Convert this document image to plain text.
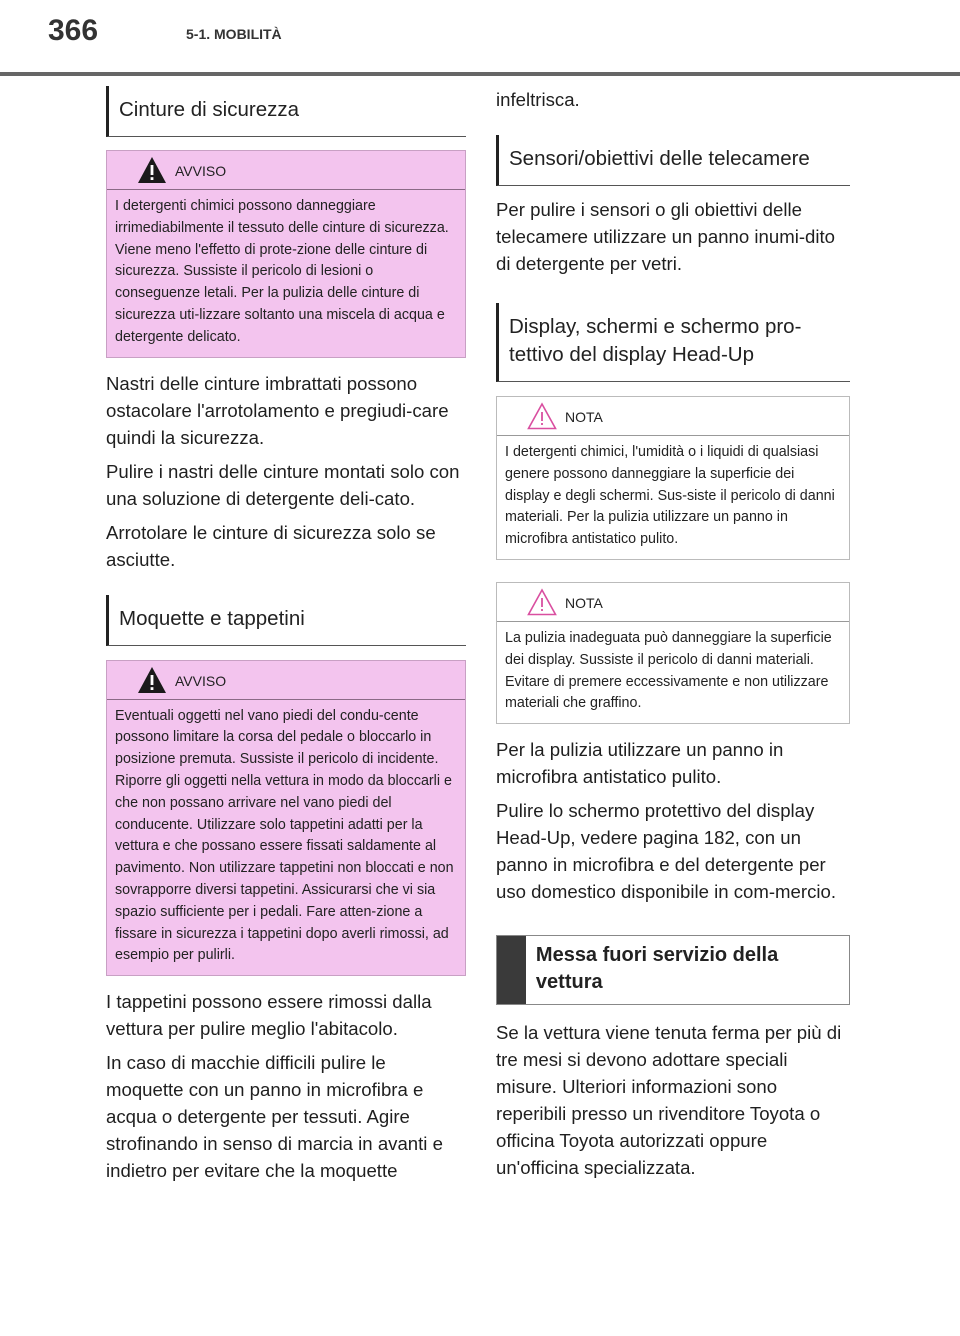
366	5-1. MOBILITÀ
Cinture di sicurezza
AVVISO
I detergenti chimici possono danneggiare irrimediabilmente il tessuto delle cinture di sicurezza. Viene meno l'effetto di prote-zione delle cinture di sicurezza. Sussiste il pericolo di lesioni o conseguenze letali. Per la pulizia delle cinture di sicurezza uti-lizzare soltanto una miscela di acqua e detergente delicato.

Nastri delle cinture imbrattati possono ostacolare l'arrotolamento e pregiudi-care quindi la sicurezza.

Pulire i nastri delle cinture montati solo con una soluzione di detergente deli-cato.

Arrotolare le cinture di sicurezza solo se asciutte.

Moquette e tappetini
AVVISO
Eventuali oggetti nel vano piedi del condu-cente possono limitare la corsa del pedale o bloccarlo in posizione premuta. Sussiste il pericolo di incidente. Riporre gli oggetti nella vettura in modo da bloccarli e che non possano arrivare nel vano piedi del conducente. Utilizzare solo tappetini adatti per la vettura e che possano essere fissati saldamente al pavimento. Non utilizzare tappetini non bloccati e non sovrapporre diversi tappetini. Assicurarsi che vi sia spazio sufficiente per i pedali. Fare atten-zione a fissare in sicurezza i tappetini dopo averli rimossi, ad esempio per pulirli.

I tappetini possono essere rimossi dalla vettura per pulire meglio l'abitacolo.

In caso di macchie difficili pulire le moquette con un panno in microfibra e acqua o detergente per tessuti. Agire strofinando in senso di marcia in avanti e indietro per evitare che la moquette

infeltrisca.

Sensori/obiettivi delle telecamere

Per pulire i sensori o gli obiettivi delle telecamere utilizzare un panno inumi-dito di detergente per vetri.

Display, schermi e schermo pro-tettivo del display Head-Up
NOTA
I detergenti chimici, l'umidità o i liquidi di qualsiasi genere possono danneggiare la superficie dei display e degli schermi. Sus-siste il pericolo di danni materiali. Per la pulizia utilizzare un panno in microfibra antistatico pulito.
NOTA
La pulizia inadeguata può danneggiare la superficie dei display. Sussiste il pericolo di danni materiali. Evitare di premere eccessivamente e non utilizzare materiali che graffino.

Per la pulizia utilizzare un panno in microfibra antistatico pulito.

Pulire lo schermo protettivo del display Head-Up, vedere pagina 182, con un panno in microfibra e del detergente per uso domestico disponibile in com-mercio.

Messa fuori servizio della vettura

Se la vettura viene tenuta ferma per più di tre mesi si devono adottare speciali misure. Ulteriori informazioni sono reperibili presso un rivenditore Toyota o officina Toyota autorizzati oppure un'officina specializzata.
